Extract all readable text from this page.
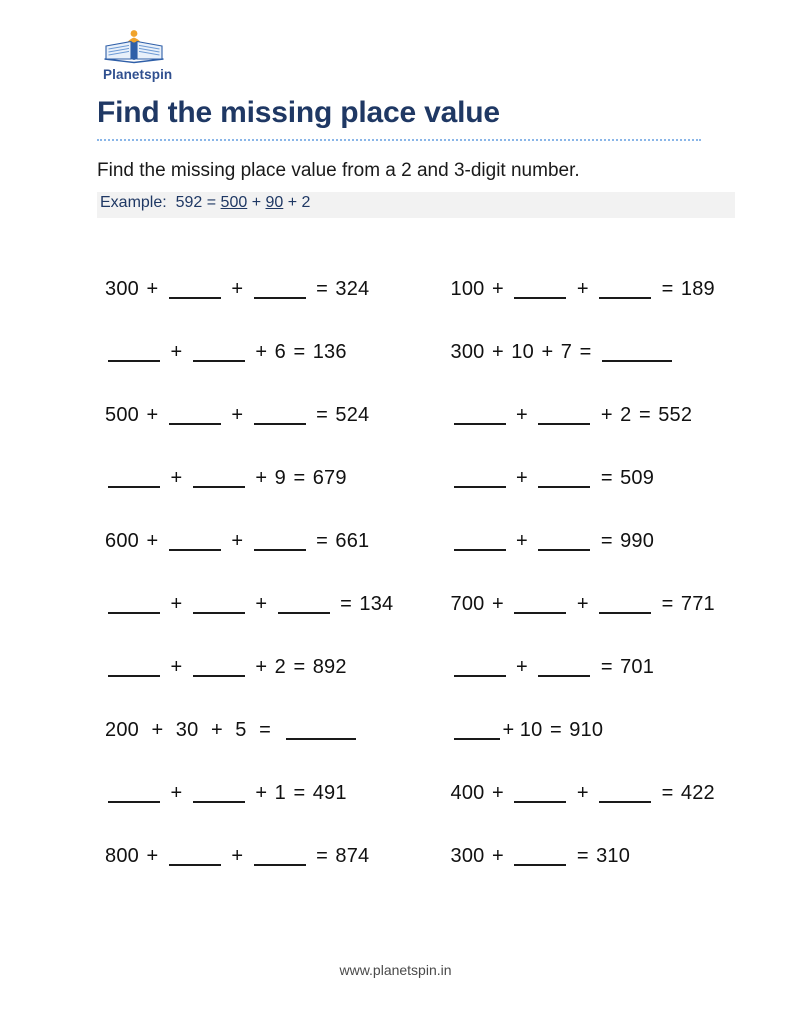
Planetspin
Find the missing place value
Find the missing place value from a 2 and 3-digit number.
Example: 592 = 500 + 90 + 2
300 +	+	= 324
+	+ 6 = 136
500 +	+	= 524
+	+ 9 = 679
600 +	+	= 661
+	+	= 134
+	+ 2 = 892
200 + 30 + 5 =
+	+ 1 = 491
800 +	+	= 874
100 +	+	= 189
300 + 10 + 7 =
+	+ 2 = 552
+	= 509
+	= 990
700 +	+	= 771
+	= 701
+ 10 = 910
400 +	+	= 422
300 +	= 310
www.planetspin.in
